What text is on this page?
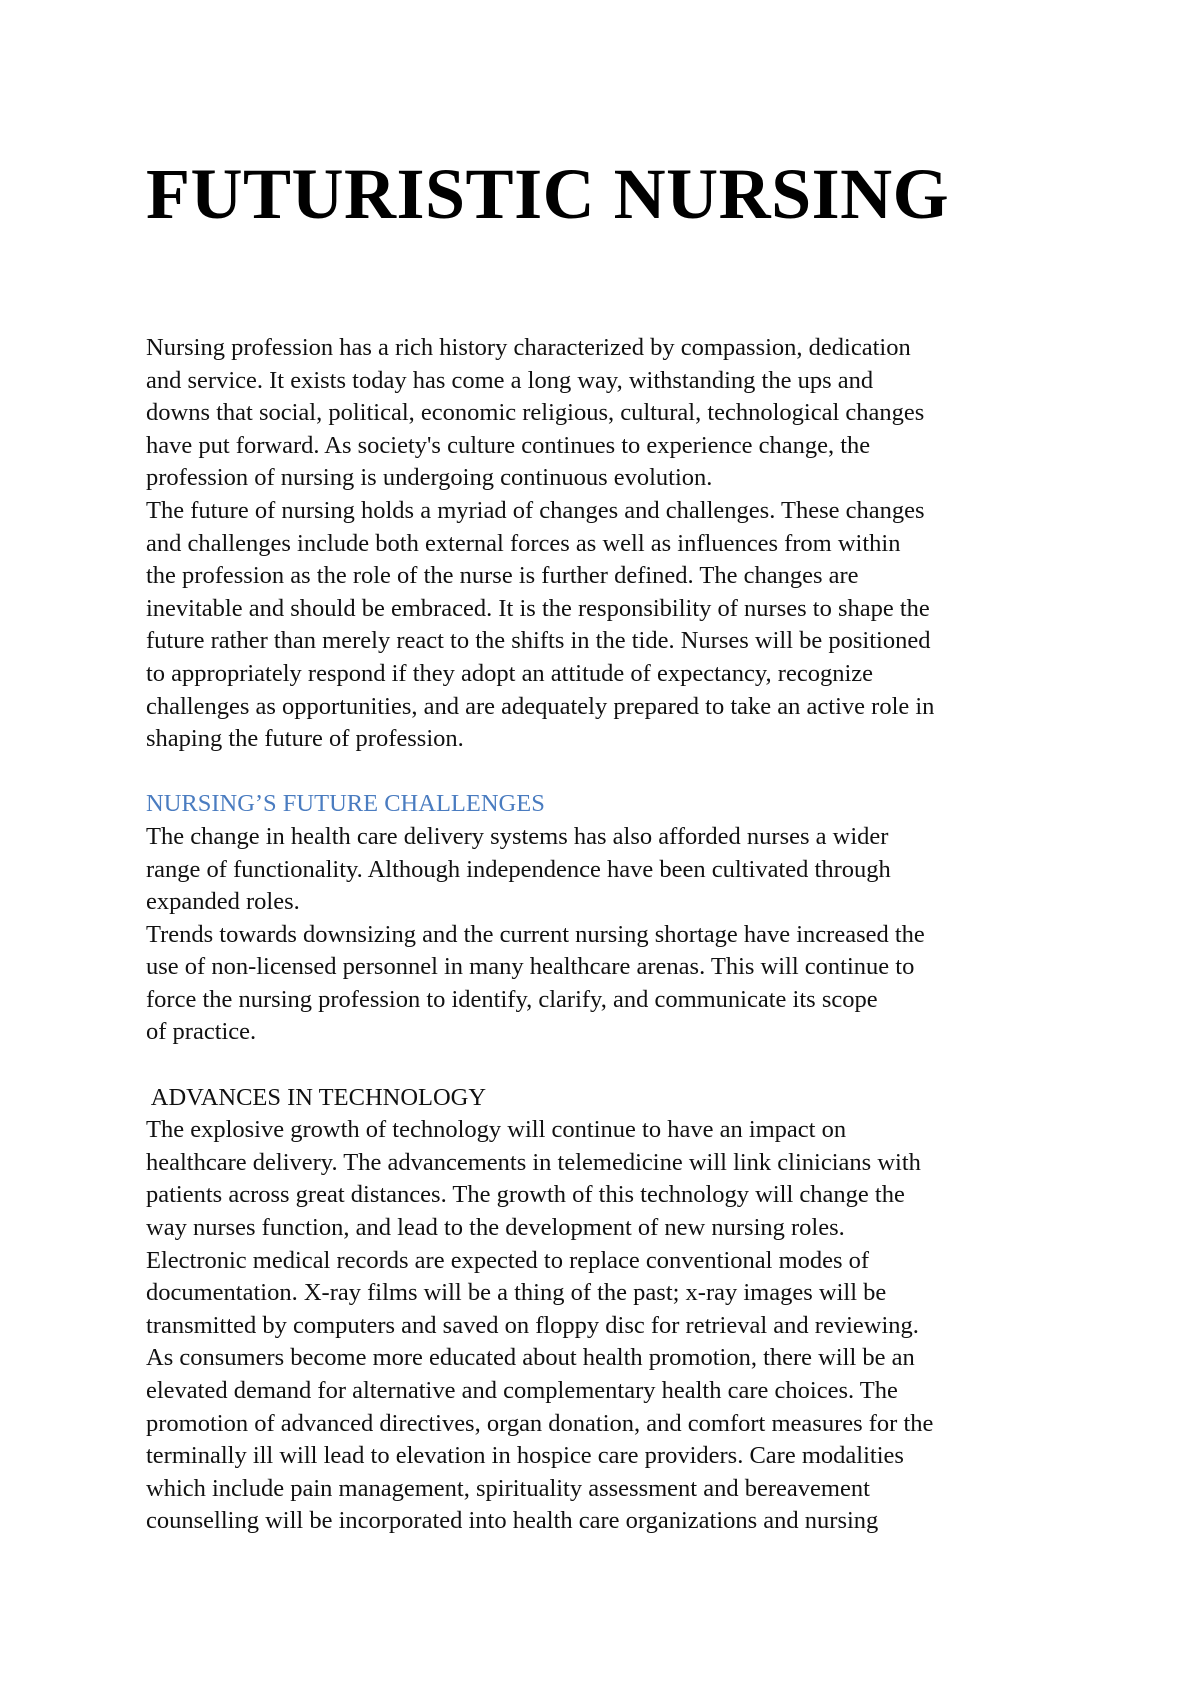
FUTURISTIC NURSING
Nursing profession has a rich history characterized by compassion, dedication
and service. It exists today has come a long way, withstanding the ups and
downs that social, political, economic religious, cultural, technological changes
have put forward. As society's culture continues to experience change, the
profession of nursing is undergoing continuous evolution.
The future of nursing holds a myriad of changes and challenges. These changes
and challenges include both external forces as well as influences from within
the profession as the role of the nurse is further defined. The changes are
inevitable and should be embraced. It is the responsibility of nurses to shape the
future rather than merely react to the shifts in the tide. Nurses will be positioned
to appropriately respond if they adopt an attitude of expectancy, recognize
challenges as opportunities, and are adequately prepared to take an active role in
shaping the future of profession.
NURSING’S FUTURE CHALLENGES
The change in health care delivery systems has also afforded nurses a wider
range of functionality. Although independence have been cultivated through
expanded roles.
Trends towards downsizing and the current nursing shortage have increased the
use of non-licensed personnel in many healthcare arenas. This will continue to
force the nursing profession to identify, clarify, and communicate its scope
of practice.
ADVANCES IN TECHNOLOGY
The explosive growth of technology will continue to have an impact on
healthcare delivery. The advancements in telemedicine will link clinicians with
patients across great distances. The growth of this technology will change the
way nurses function, and lead to the development of new nursing roles.
Electronic medical records are expected to replace conventional modes of
documentation. X-ray films will be a thing of the past; x-ray images will be
transmitted by computers and saved on floppy disc for retrieval and reviewing.
As consumers become more educated about health promotion, there will be an
elevated demand for alternative and complementary health care choices. The
promotion of advanced directives, organ donation, and comfort measures for the
terminally ill will lead to elevation in hospice care providers. Care modalities
which include pain management, spirituality assessment and bereavement
counselling will be incorporated into health care organizations and nursing
